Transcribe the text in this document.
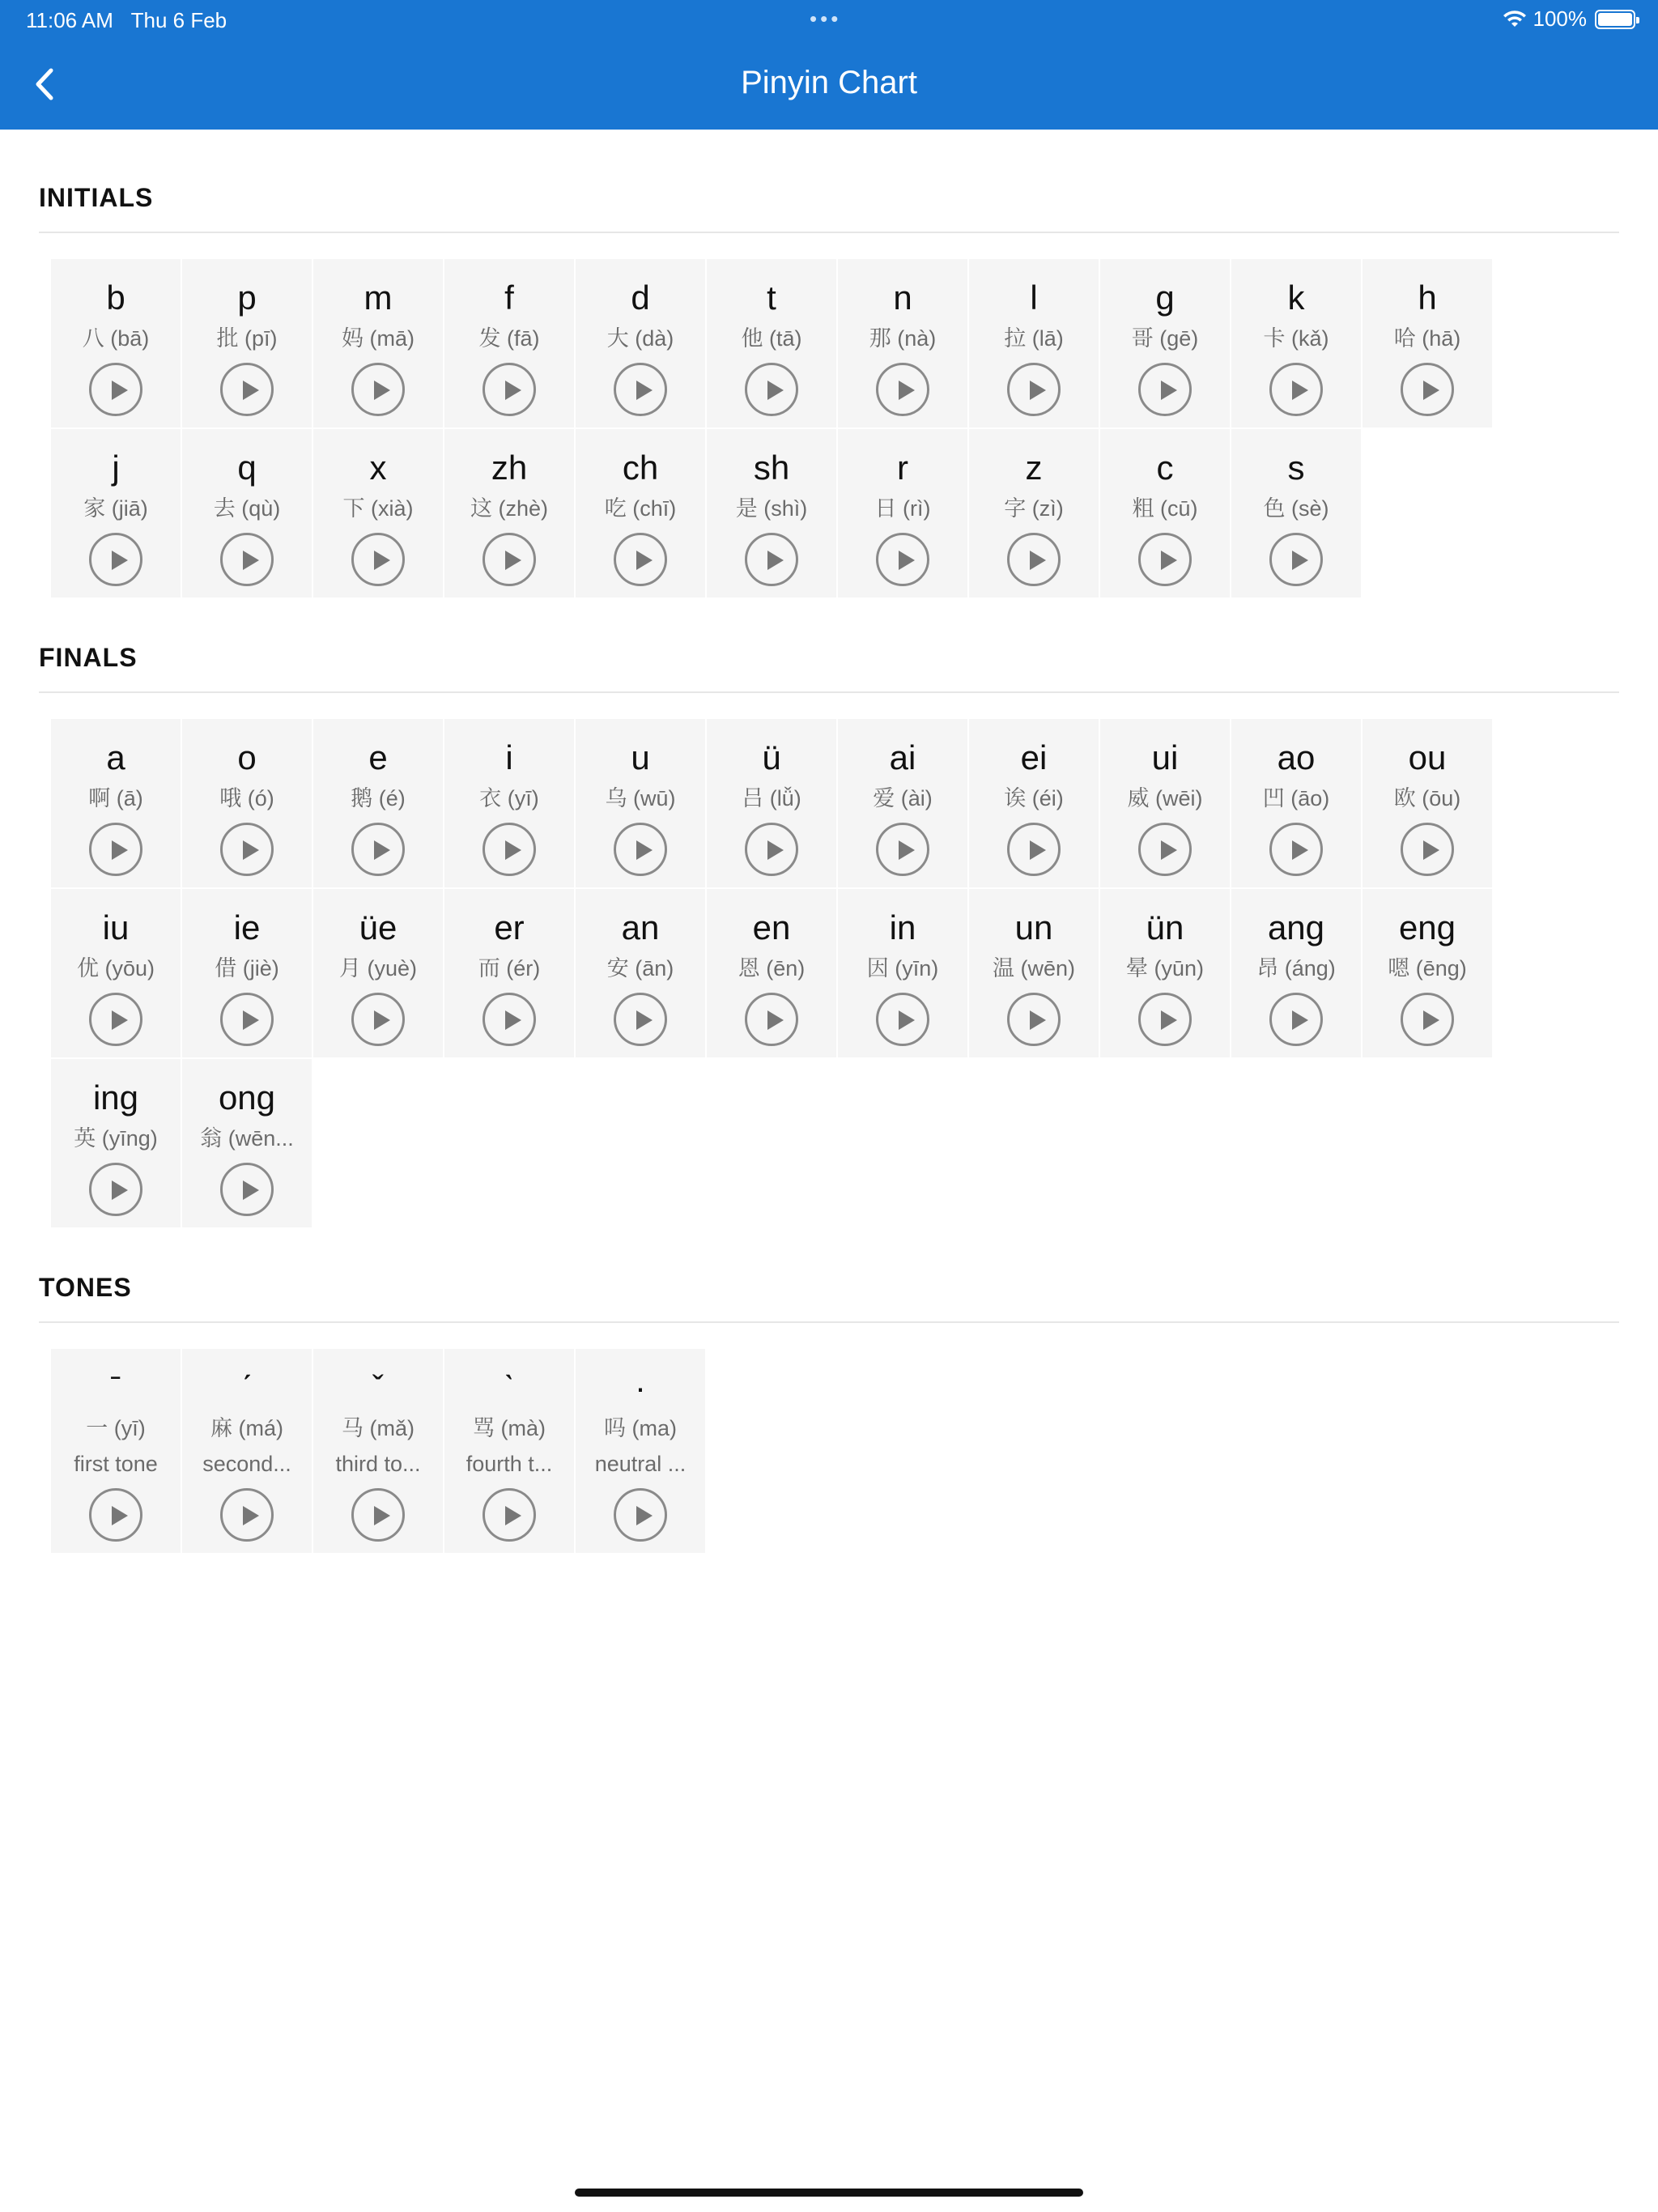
11:06 AM Thu 6 Feb	•••	100%
Pinyin Chart
INITIALS
b
八 (bā)
p
批 (pī)
m
妈 (mā)
f
发 (fā)
d
大 (dà)
t
他 (tā)
n
那 (nà)
l
拉 (lā)
g
哥 (gē)
k
卡 (kǎ)
h
哈 (hā)
j
家 (jiā)
q
去 (qù)
x
下 (xià)
zh
这 (zhè)
ch
吃 (chī)
sh
是 (shì)
r
日 (rì)
z
字 (zì)
c
粗 (cū)
s
色 (sè)
FINALS
a
啊 (ā)
o
哦 (ó)
e
鹅 (é)
i
衣 (yī)
u
乌 (wū)
ü
吕 (lǚ)
ai
爱 (ài)
ei
诶 (éi)
ui
威 (wēi)
ao
凹 (āo)
ou
欧 (ōu)
iu
优 (yōu)
ie
借 (jiè)
üe
月 (yuè)
er
而 (ér)
an
安 (ān)
en
恩 (ēn)
in
因 (yīn)
un
温 (wēn)
ün
晕 (yūn)
ang
昂 (áng)
eng
嗯 (ēng)
ing
英 (yīng)
ong
翁 (wēn...
TONES
ˉ
一 (yī)
first tone
ˊ
麻 (má)
second...
ˇ
马 (mǎ)
third to...
ˋ
骂 (mà)
fourth t...
·
吗 (ma)
neutral ...
